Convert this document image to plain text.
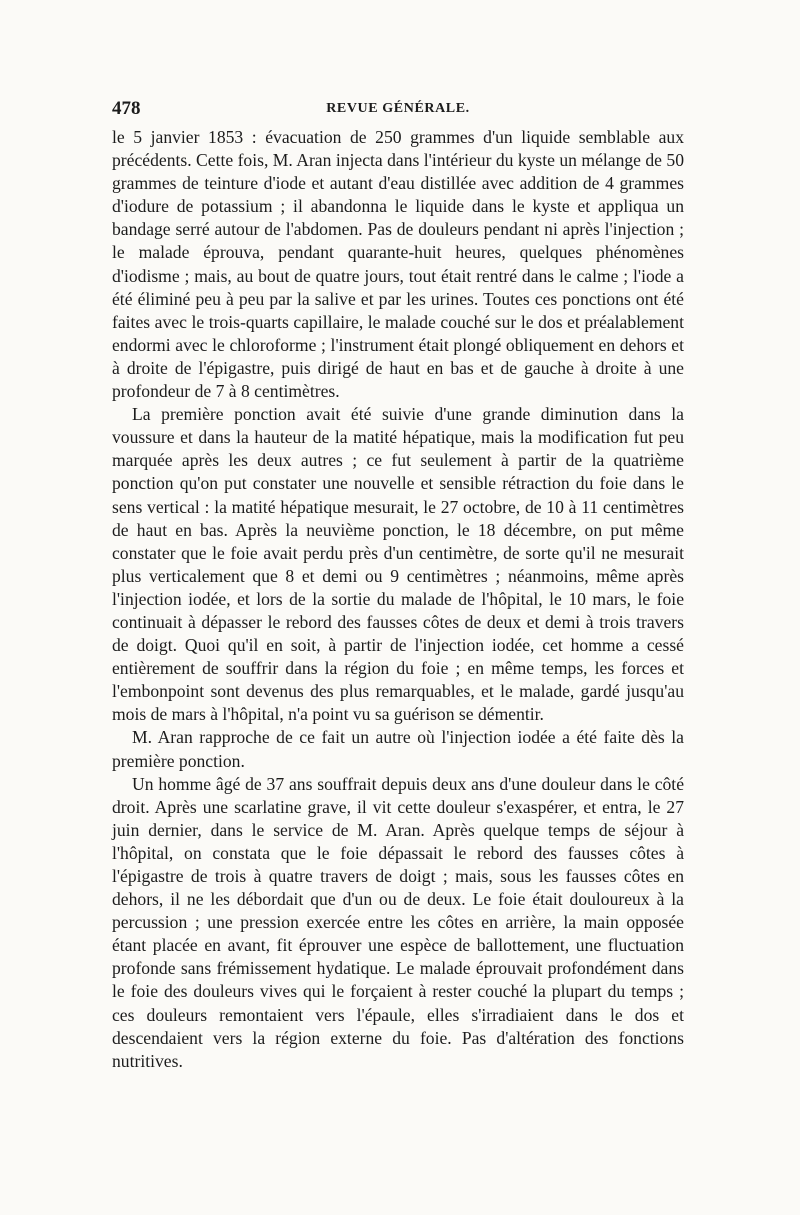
478	REVUE GÉNÉRALE.

le 5 janvier 1853 : évacuation de 250 grammes d'un liquide semblable aux précédents. Cette fois, M. Aran injecta dans l'intérieur du kyste un mélange de 50 grammes de teinture d'iode et autant d'eau distillée avec addition de 4 grammes d'iodure de potassium ; il abandonna le liquide dans le kyste et appliqua un bandage serré autour de l'abdomen. Pas de douleurs pendant ni après l'injection ; le malade éprouva, pendant quarante-huit heures, quelques phénomènes d'iodisme ; mais, au bout de quatre jours, tout était rentré dans le calme ; l'iode a été éliminé peu à peu par la salive et par les urines. Toutes ces ponctions ont été faites avec le trois-quarts capillaire, le malade couché sur le dos et préalablement endormi avec le chloroforme ; l'instrument était plongé obliquement en dehors et à droite de l'épigastre, puis dirigé de haut en bas et de gauche à droite à une profondeur de 7 à 8 centimètres.

La première ponction avait été suivie d'une grande diminution dans la voussure et dans la hauteur de la matité hépatique, mais la modification fut peu marquée après les deux autres ; ce fut seulement à partir de la quatrième ponction qu'on put constater une nouvelle et sensible rétraction du foie dans le sens vertical : la matité hépatique mesurait, le 27 octobre, de 10 à 11 centimètres de haut en bas. Après la neuvième ponction, le 18 décembre, on put même constater que le foie avait perdu près d'un centimètre, de sorte qu'il ne mesurait plus verticalement que 8 et demi ou 9 centimètres ; néanmoins, même après l'injection iodée, et lors de la sortie du malade de l'hôpital, le 10 mars, le foie continuait à dépasser le rebord des fausses côtes de deux et demi à trois travers de doigt. Quoi qu'il en soit, à partir de l'injection iodée, cet homme a cessé entièrement de souffrir dans la région du foie ; en même temps, les forces et l'embonpoint sont devenus des plus remarquables, et le malade, gardé jusqu'au mois de mars à l'hôpital, n'a point vu sa guérison se démentir.

M. Aran rapproche de ce fait un autre où l'injection iodée a été faite dès la première ponction.

Un homme âgé de 37 ans souffrait depuis deux ans d'une douleur dans le côté droit. Après une scarlatine grave, il vit cette douleur s'exaspérer, et entra, le 27 juin dernier, dans le service de M. Aran. Après quelque temps de séjour à l'hôpital, on constata que le foie dépassait le rebord des fausses côtes à l'épigastre de trois à quatre travers de doigt ; mais, sous les fausses côtes en dehors, il ne les débordait que d'un ou de deux. Le foie était douloureux à la percussion ; une pression exercée entre les côtes en arrière, la main opposée étant placée en avant, fit éprouver une espèce de ballottement, une fluctuation profonde sans frémissement hydatique. Le malade éprouvait profondément dans le foie des douleurs vives qui le forçaient à rester couché la plupart du temps ; ces douleurs remontaient vers l'épaule, elles s'irradiaient dans le dos et descendaient vers la région externe du foie. Pas d'altération des fonctions nutritives.
